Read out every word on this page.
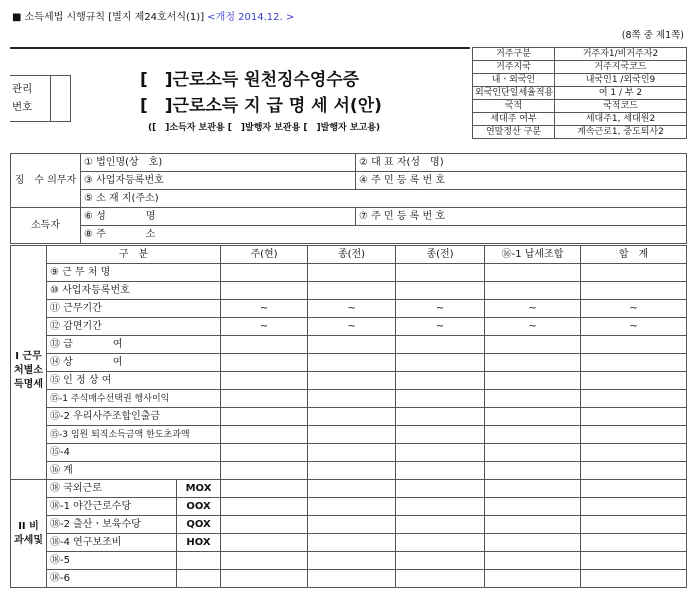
■ 소득세법 시행규칙 [별지 제24호서식(1)] <개정 2014.12. >
(8쪽 중 제1쪽)
관리
번호
[　]근로소득 원천징수영수증
[　]근로소득 지 급 명 세 서(안)
([　]소득자 보관용 [　]발행자 보관용 [　]발행자 보고용)
거주구분	거주자1/비거주자2
거주지국	거주지국코드
내ㆍ외국인	내국인1 /외국인9
외국인단일세율적용	여 1 / 부 2
국적	국적코드
세대주 여부	세대주1, 세대원2
연말정산 구분	계속근로1, 중도퇴사2
징　수 의무자	① 법인명(상　호)	② 대 표 자(성　명)
	③ 사업자등록번호	④ 주 민 등 록 번 호
	⑤ 소 재 지(주소)	
소득자	⑥ 성　　　　명	⑦ 주 민 등 록 번 호
	⑧ 주　　　　소	
	구　분		주(현)	종(전)	종(전)	⑯-1 납세조합	합　계
I 근무처별소득명세	⑨ 근 무 처 명						
	⑩ 사업자등록번호						
	⑪ 근무기간		~	~	~	~	~
	⑫ 감면기간		~	~	~	~	~
	⑬ 급　　　　여						
	⑭ 상　　　　여						
	⑮ 인 정 상 여						
	⑮-1 주식매수선택권 행사이익						
	⑮-2 우리사주조합인출금						
	⑮-3 임원 퇴직소득금액 한도초과액						
	⑮-4						
	⑯ 계						
II 비과세및	⑱ 국외근로	MOX					
	⑱-1 야간근로수당	OOX					
	⑱-2 출산ㆍ보육수당	QOX					
	⑱-4 연구보조비	HOX					
	⑱-5						
	⑱-6						
